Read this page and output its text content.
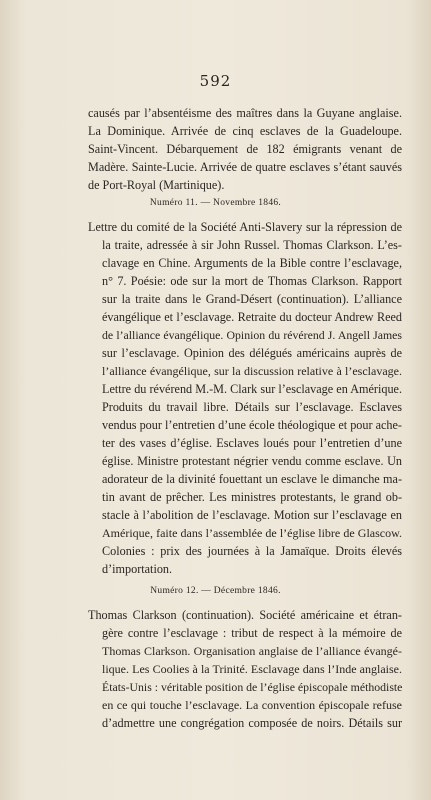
592
causés par l’absentéisme des maîtres dans la Guyane anglaise.
La Dominique. Arrivée de cinq esclaves de la Guadeloupe.
Saint-Vincent. Débarquement de 182 émigrants venant de
Madère. Sainte-Lucie. Arrivée de quatre esclaves s’étant sauvés
de Port-Royal (Martinique).
Numéro 11. — Novembre 1846.
Lettre du comité de la Société Anti-Slavery sur la répression de
la traite, adressée à sir John Russel. Thomas Clarkson. L’es-
clavage en Chine. Arguments de la Bible contre l’esclavage,
n° 7. Poésie: ode sur la mort de Thomas Clarkson. Rapport
sur la traite dans le Grand-Désert (continuation). L’alliance
évangélique et l’esclavage. Retraite du docteur Andrew Reed
de l’alliance évangélique. Opinion du révérend J. Angell James
sur l’esclavage. Opinion des délégués américains auprès de
l’alliance évangélique, sur la discussion relative à l’esclavage.
Lettre du révérend M.-M. Clark sur l’esclavage en Amérique.
Produits du travail libre. Détails sur l’esclavage. Esclaves
vendus pour l’entretien d’une école théologique et pour ache-
ter des vases d’église. Esclaves loués pour l’entretien d’une
église. Ministre protestant négrier vendu comme esclave. Un
adorateur de la divinité fouettant un esclave le dimanche ma-
tin avant de prêcher. Les ministres protestants, le grand ob-
stacle à l’abolition de l’esclavage. Motion sur l’esclavage en
Amérique, faite dans l’assemblée de l’église libre de Glascow.
Colonies : prix des journées à la Jamaïque. Droits élevés
d’importation.
Numéro 12. — Décembre 1846.
Thomas Clarkson (continuation). Société américaine et étran-
gère contre l’esclavage : tribut de respect à la mémoire de
Thomas Clarkson. Organisation anglaise de l’alliance évangé-
lique. Les Coolies à la Trinité. Esclavage dans l’Inde anglaise.
États-Unis : véritable position de l’église épiscopale méthodiste
en ce qui touche l’esclavage. La convention épiscopale refuse
d’admettre une congrégation composée de noirs. Détails sur
